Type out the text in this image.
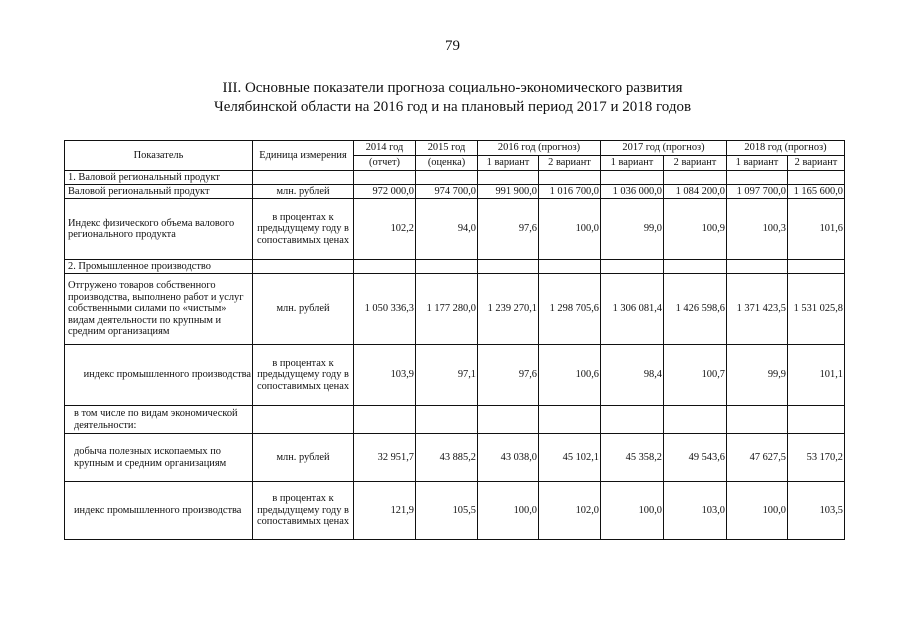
79
III. Основные показатели прогноза социально-экономического развития
Челябинской области на 2016 год и на плановый период 2017 и 2018 годов
Показатель	Единица измерения	2014 год	2015 год	2016 год (прогноз)		2017 год (прогноз)		2018 год (прогноз)	
		(отчет)	(оценка)	1 вариант	2 вариант	1 вариант	2 вариант	1 вариант	2 вариант
1. Валовой региональный продукт									
Валовой региональный продукт	млн. рублей	972 000,0	974 700,0	991 900,0	1 016 700,0	1 036 000,0	1 084 200,0	1 097 700,0	1 165 600,0
Индекс физического объема валового регионального продукта	в процентах к предыдущему году в сопоставимых ценах	102,2	94,0	97,6	100,0	99,0	100,9	100,3	101,6
2. Промышленное производство									
Отгружено товаров собственного производства, выполнено работ и услуг собственными силами по «чистым» видам деятельности по крупным и средним организациям	млн. рублей	1 050 336,3	1 177 280,0	1 239 270,1	1 298 705,6	1 306 081,4	1 426 598,6	1 371 423,5	1 531 025,8
индекс промышленного производства	в процентах к предыдущему году в сопоставимых ценах	103,9	97,1	97,6	100,6	98,4	100,7	99,9	101,1
в том числе по видам экономической деятельности:									
добыча полезных ископаемых по крупным и средним организациям	млн. рублей	32 951,7	43 885,2	43 038,0	45 102,1	45 358,2	49 543,6	47 627,5	53 170,2
индекс промышленного производства	в процентах к предыдущему году в сопоставимых ценах	121,9	105,5	100,0	102,0	100,0	103,0	100,0	103,5
